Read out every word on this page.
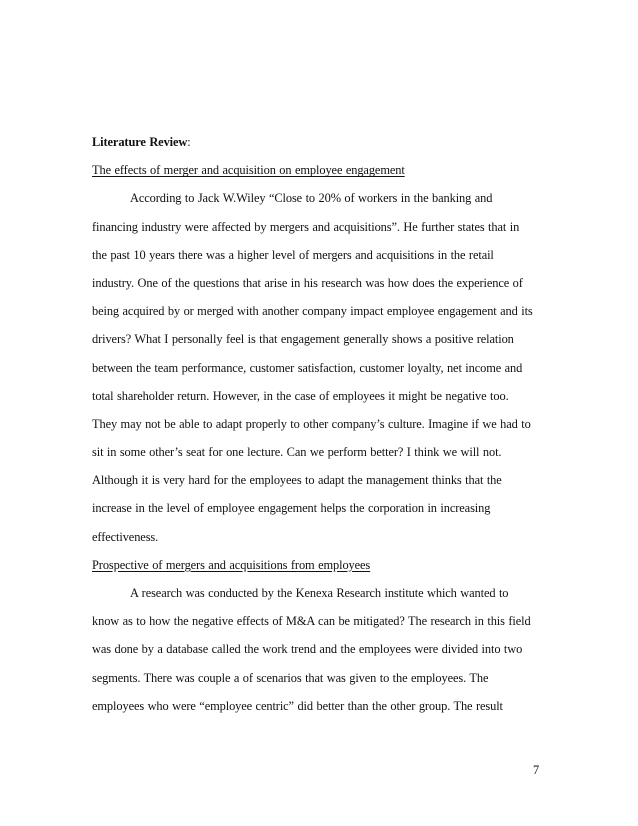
Literature Review:
The effects of merger and acquisition on employee engagement
According to Jack W.Wiley “Close to 20% of workers in the banking and
financing industry were affected by mergers and acquisitions”. He further states that in
the past 10 years there was a higher level of mergers and acquisitions in the retail
industry. One of the questions that arise in his research was how does the experience of
being acquired by or merged with another company impact employee engagement and its
drivers? What I personally feel is that engagement generally shows a positive relation
between the team performance, customer satisfaction, customer loyalty, net income and
total shareholder return. However, in the case of employees it might be negative too.
They may not be able to adapt properly to other company’s culture. Imagine if we had to
sit in some other’s seat for one lecture. Can we perform better? I think we will not.
Although it is very hard for the employees to adapt the management thinks that the
increase in the level of employee engagement helps the corporation in increasing
effectiveness.
Prospective of mergers and acquisitions from employees
A research was conducted by the Kenexa Research institute which wanted to
know as to how the negative effects of M&A can be mitigated? The research in this field
was done by a database called the work trend and the employees were divided into two
segments. There was couple a of scenarios that was given to the employees. The
employees who were “employee centric” did better than the other group. The result
7
